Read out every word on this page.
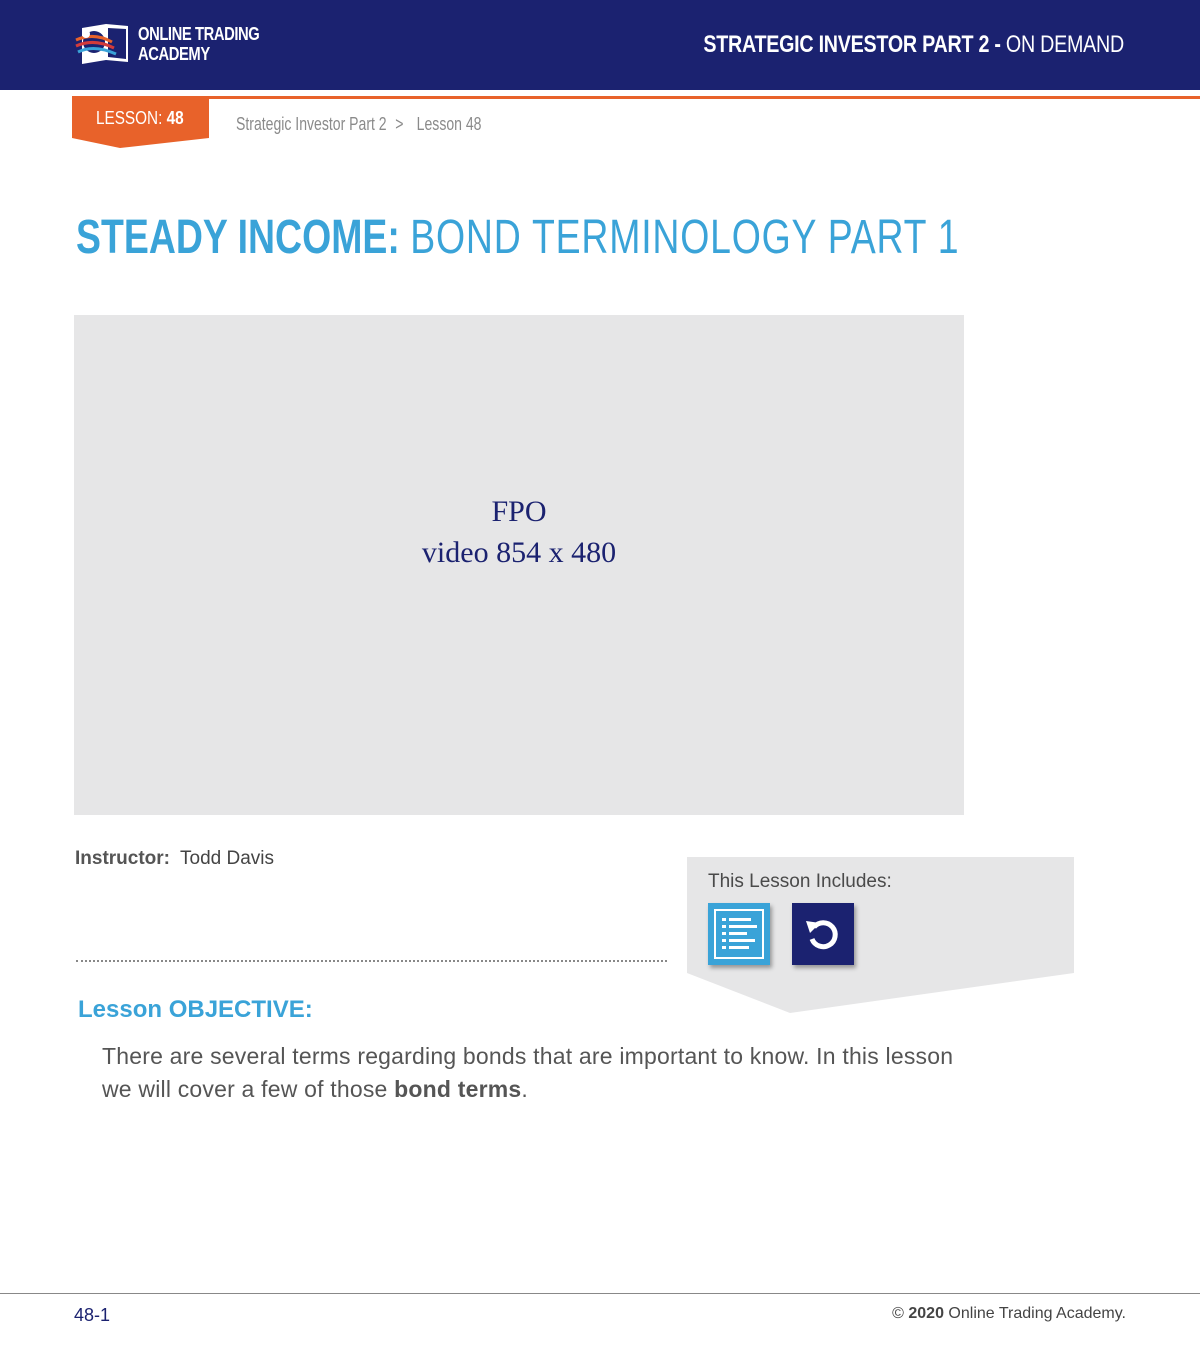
ONLINE TRADING
ACADEMY	STRATEGIC INVESTOR PART 2 - ON DEMAND
LESSON: 48	Strategic Investor Part 2 > Lesson 48
STEADY INCOME: BOND TERMINOLOGY PART 1
FPO
video 854 x 480
Instructor: Todd Davis
This Lesson Includes:
Lesson OBJECTIVE:
There are several terms regarding bonds that are important to know. In this lesson we will cover a few of those bond terms.
48-1	© 2020 Online Trading Academy.
